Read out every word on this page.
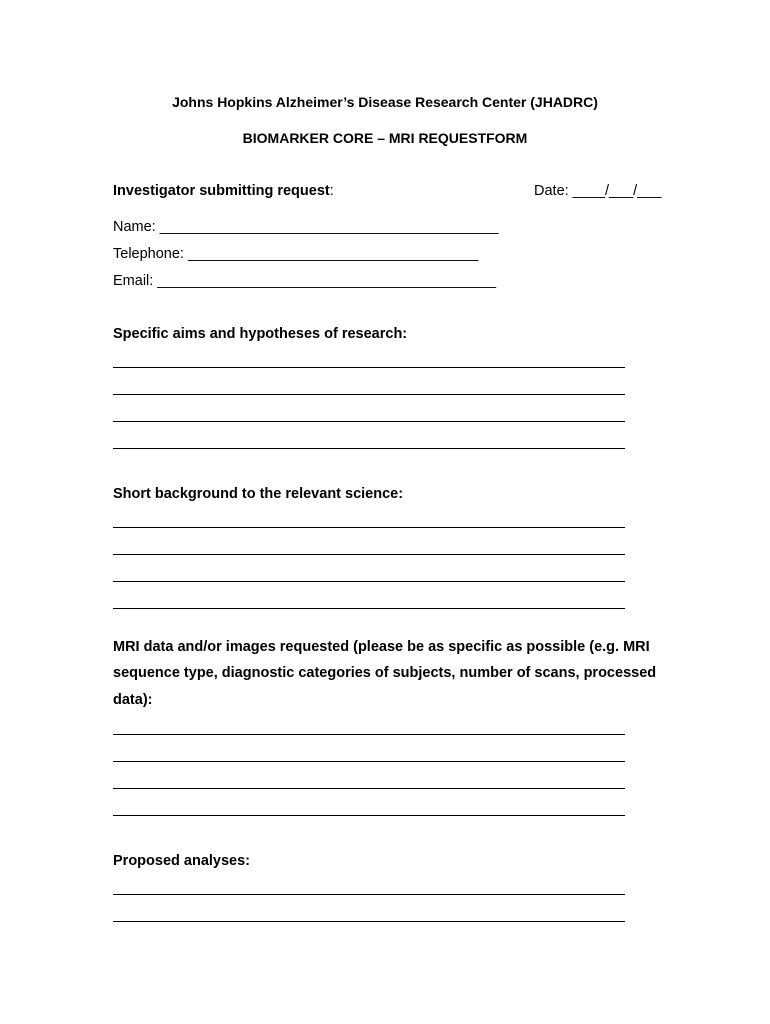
Johns Hopkins Alzheimer’s Disease Research Center (JHADRC)
BIOMARKER CORE – MRI REQUESTFORM
Investigator submitting request:	Date: ____/___/___
Name: __________________________________________
Telephone: ____________________________________
Email: __________________________________________
Specific aims and hypotheses of research:
Short background to the relevant science:
MRI data and/or images requested (please be as specific as possible (e.g. MRI
sequence type, diagnostic categories of subjects, number of scans, processed
data):
Proposed analyses:
